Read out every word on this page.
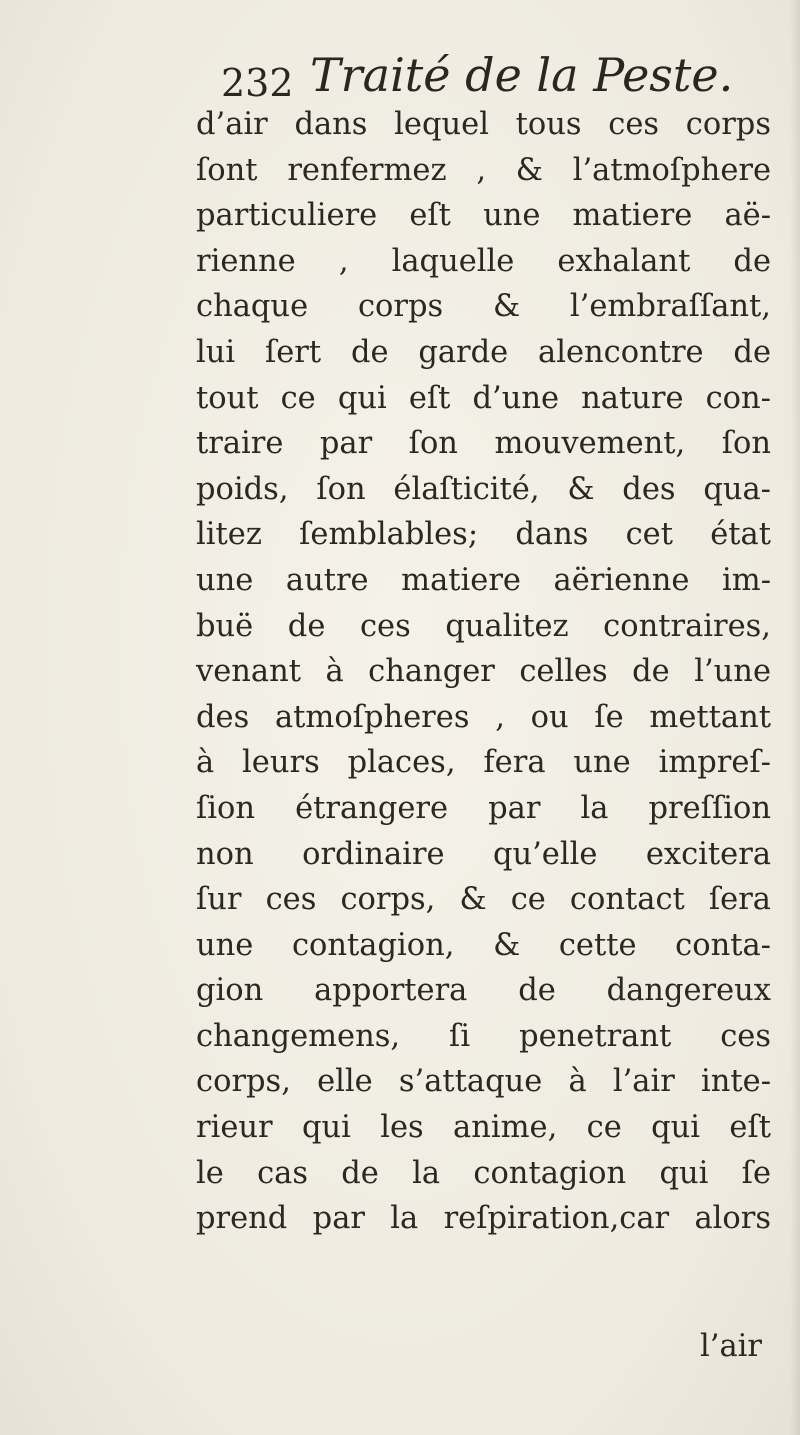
232 Traité de la Peste.
d’air dans lequel tous ces corps
ſont renfermez , & l’atmoſphere
particuliere eſt une matiere aë-
rienne , laquelle exhalant de
chaque corps & l’embraſſant,
lui ſert de garde alencontre de
tout ce qui eſt d’une nature con-
traire par ſon mouvement, ſon
poids, ſon élaſticité, & des qua-
litez ſemblables; dans cet état
une autre matiere aërienne im-
buë de ces qualitez contraires,
venant à changer celles de l’une
des atmoſpheres , ou ſe mettant
à leurs places, fera une impreſ-
ſion étrangere par la preſſion
non ordinaire qu’elle excitera
ſur ces corps, & ce contact ſera
une contagion, & cette conta-
gion apportera de dangereux
changemens, ſi penetrant ces
corps, elle s’attaque à l’air inte-
rieur qui les anime, ce qui eſt
le cas de la contagion qui ſe
prend par la reſpiration,car alors
l’air
